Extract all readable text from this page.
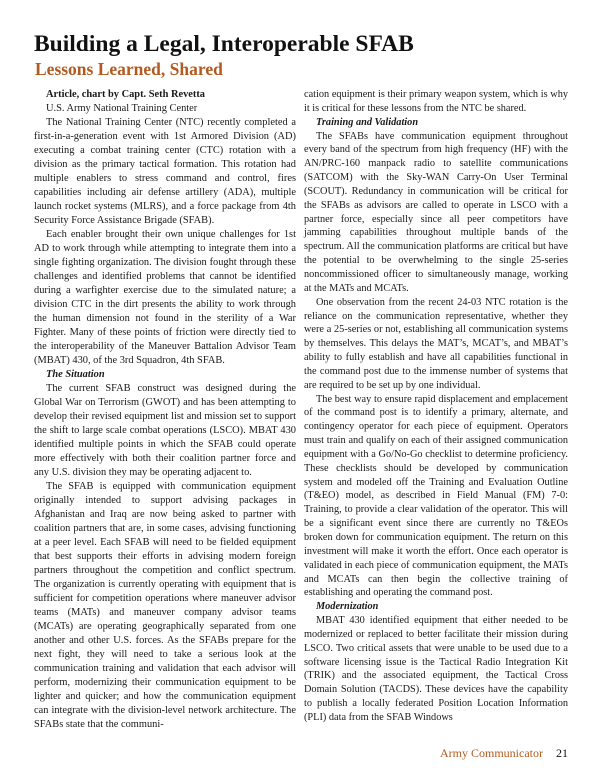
Building a Legal, Interoperable SFAB
Lessons Learned, Shared

Article, chart by Capt. Seth Revetta

U.S. Army National Training Center

The National Training Center (NTC) recently completed a first-in-a-generation event with 1st Armored Division (AD) executing a combat training center (CTC) rotation with a division as the primary tactical formation. This rotation had multiple enablers to stress command and control, fires capabilities including air defense artillery (ADA), multiple launch rocket systems (MLRS), and a force package from 4th Security Force Assistance Brigade (SFAB).

Each enabler brought their own unique challenges for 1st AD to work through while attempting to integrate them into a single fighting organization. The division fought through these challenges and identified problems that cannot be identified during a warfighter exercise due to the simulated nature; a division CTC in the dirt presents the ability to work through the human dimension not found in the sterility of a War Fighter. Many of these points of friction were directly tied to the interoperability of the Maneuver Battalion Advisor Team (MBAT) 430, of the 3rd Squadron, 4th SFAB.

The Situation

The current SFAB construct was designed during the Global War on Terrorism (GWOT) and has been attempting to develop their revised equipment list and mission set to support the shift to large scale combat operations (LSCO). MBAT 430 identified multiple points in which the SFAB could operate more effectively with both their coalition partner force and any U.S. division they may be operating adjacent to.

The SFAB is equipped with communication equipment originally intended to support advising packages in Afghanistan and Iraq are now being asked to partner with coalition partners that are, in some cases, advising functioning at a peer level. Each SFAB will need to be fielded equipment that best supports their efforts in advising modern foreign partners throughout the competition and conflict spectrum. The organization is currently operating with equipment that is sufficient for competition operations where maneuver advisor teams (MATs) and maneuver company advisor teams (MCATs) are operating geographically separated from one another and other U.S. forces. As the SFABs prepare for the next fight, they will need to take a serious look at the communication training and validation that each advisor will perform, modernizing their communication equipment to be lighter and quicker; and how the communication equipment can integrate with the division-level network architecture. The SFABs state that the communi-

cation equipment is their primary weapon system, which is why it is critical for these lessons from the NTC be shared.

Training and Validation

The SFABs have communication equipment throughout every band of the spectrum from high frequency (HF) with the AN/PRC-160 manpack radio to satellite communications (SATCOM) with the Sky-WAN Carry-On User Terminal (SCOUT). Redundancy in communication will be critical for the SFABs as advisors are called to operate in LSCO with a partner force, especially since all peer competitors have jamming capabilities throughout multiple bands of the spectrum. All the communication platforms are critical but have the potential to be overwhelming to the single 25-series noncommissioned officer to simultaneously manage, working at the MATs and MCATs.

One observation from the recent 24-03 NTC rotation is the reliance on the communication representative, whether they were a 25-series or not, establishing all communication systems by themselves. This delays the MAT’s, MCAT’s, and MBAT’s ability to fully establish and have all capabilities functional in the command post due to the immense number of systems that are required to be set up by one individual.

The best way to ensure rapid displacement and emplacement of the command post is to identify a primary, alternate, and contingency operator for each piece of equipment. Operators must train and qualify on each of their assigned communication equipment with a Go/No-Go checklist to determine proficiency. These checklists should be developed by communication system and modeled off the Training and Evaluation Outline (T&EO) model, as described in Field Manual (FM) 7-0: Training, to provide a clear validation of the operator. This will be a significant event since there are currently no T&EOs broken down for communication equipment. The return on this investment will make it worth the effort. Once each operator is validated in each piece of communication equipment, the MATs and MCATs can then begin the collective training of establishing and operating the command post.

Modernization

MBAT 430 identified equipment that either needed to be modernized or replaced to better facilitate their mission during LSCO. Two critical assets that were unable to be used due to a software licensing issue is the Tactical Radio Integration Kit (TRIK) and the associated equipment, the Tactical Cross Domain Solution (TACDS). These devices have the capability to publish a locally federated Position Location Information (PLI) data from the SFAB Windows

Army Communicator 21
